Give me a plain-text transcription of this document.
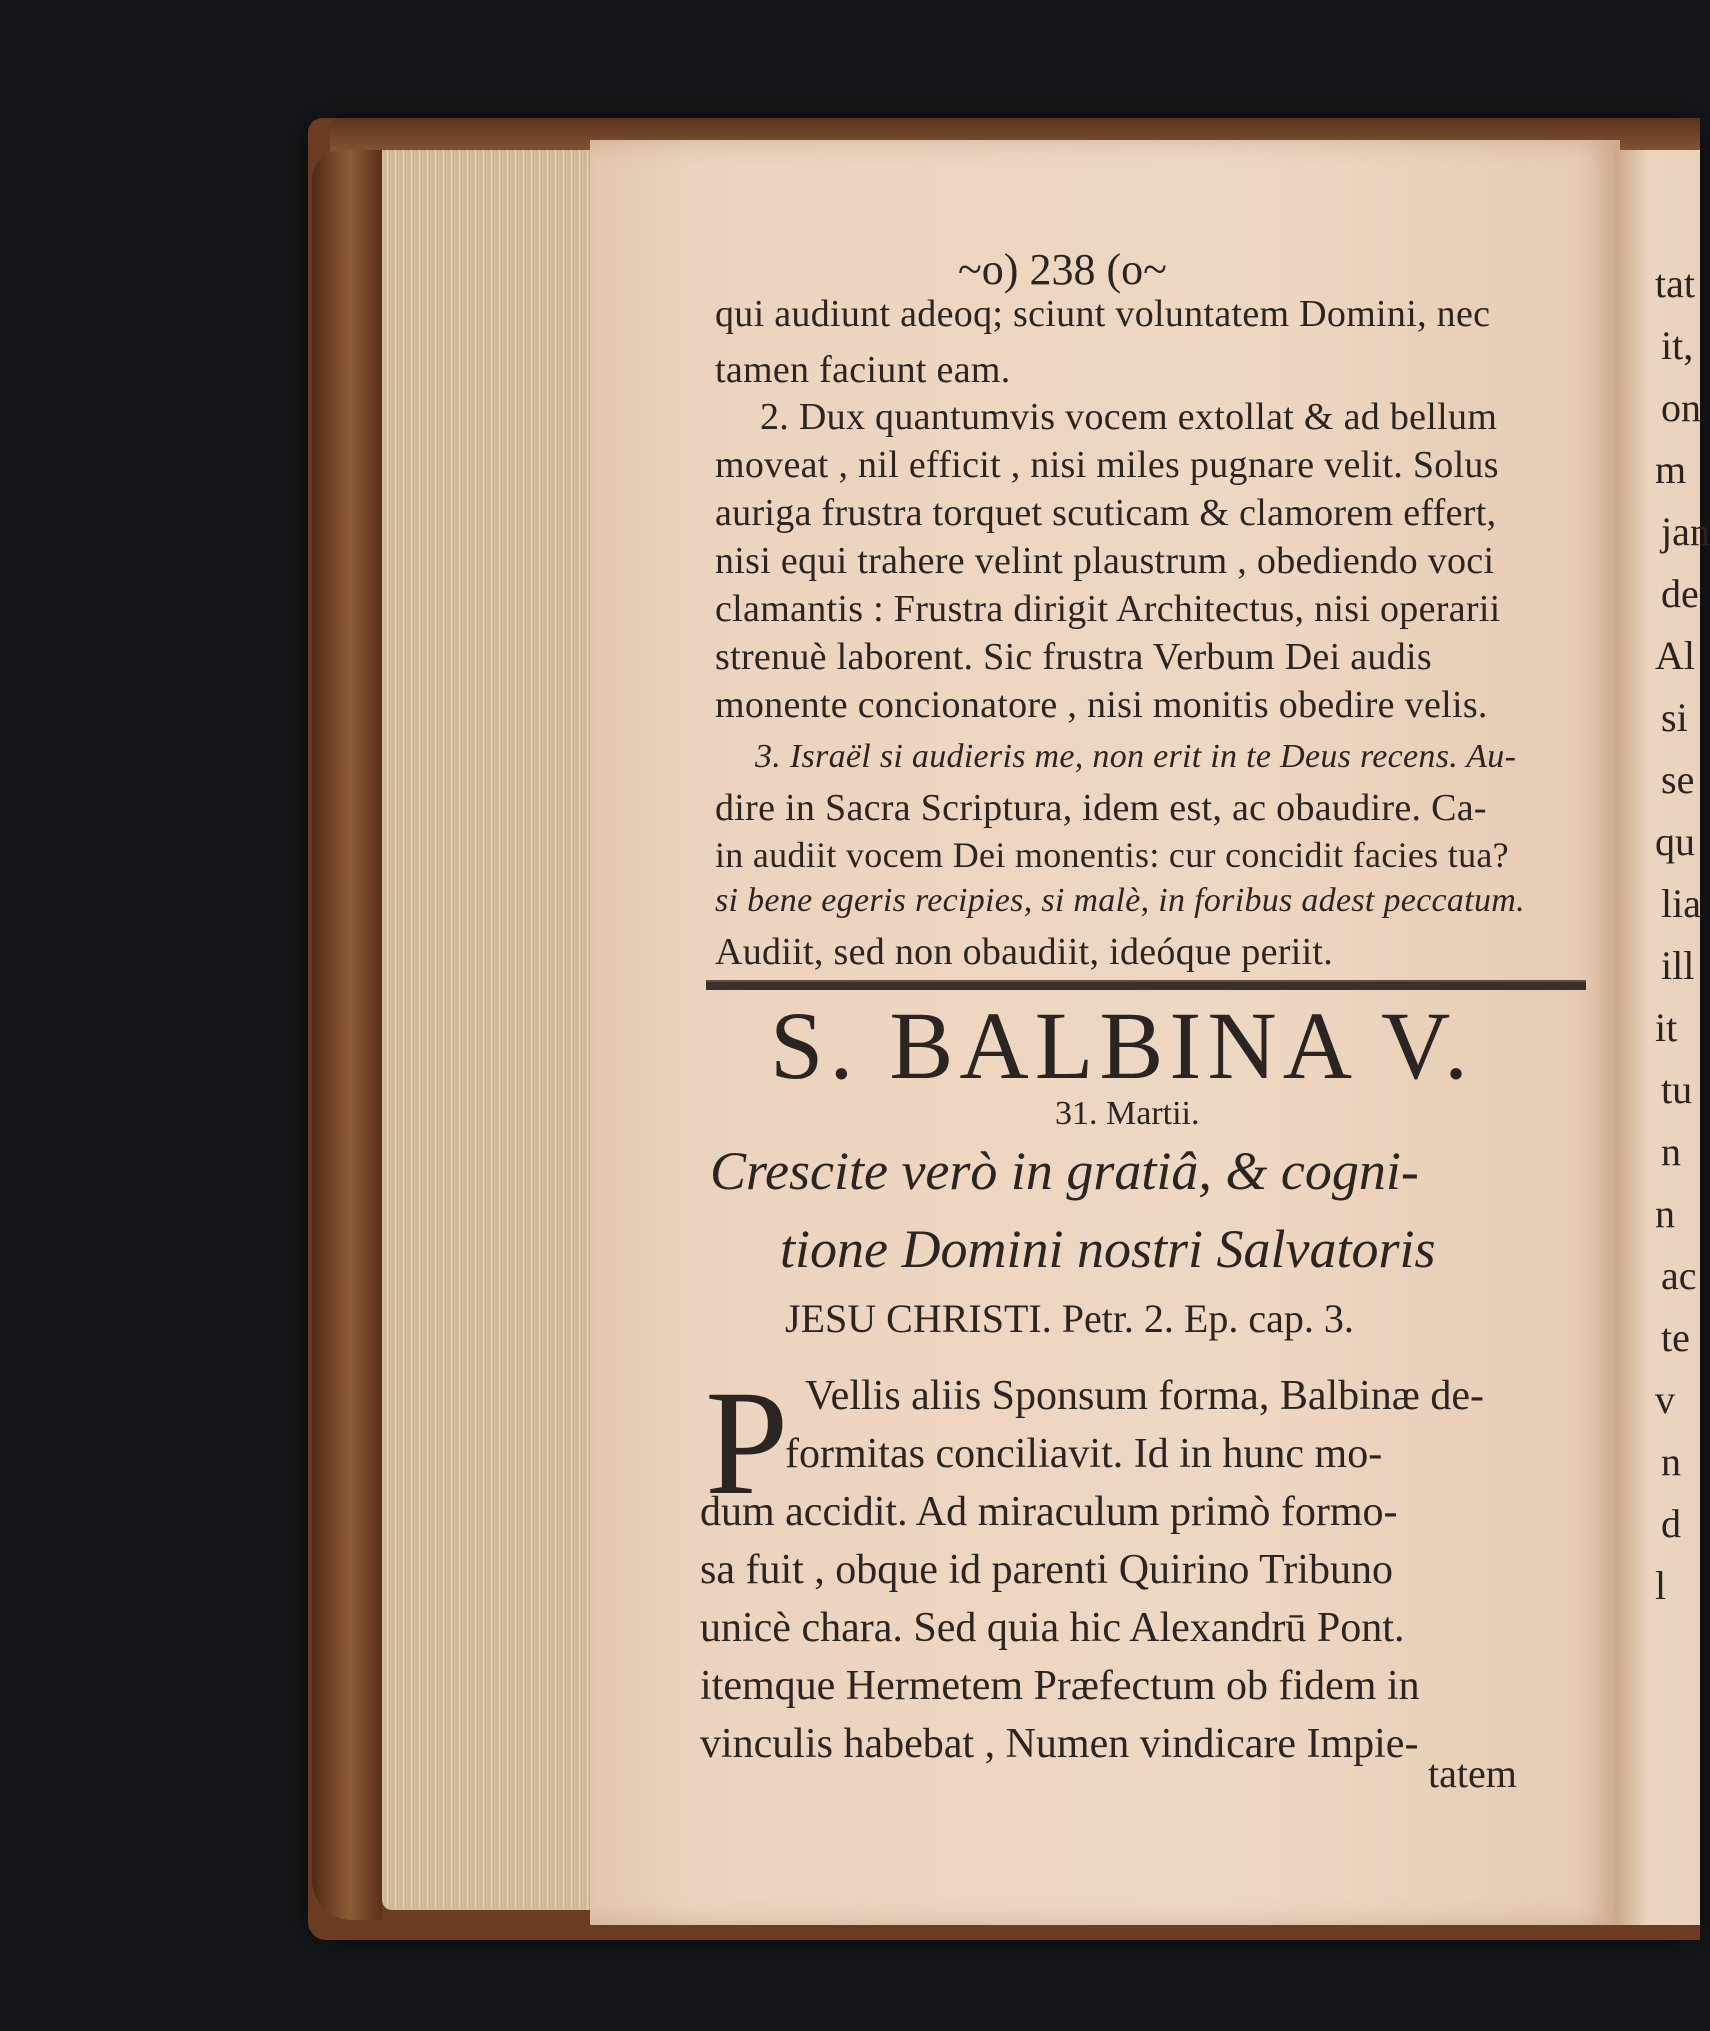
tat
it,
on
m
jan
de
Al
si
se
qu
lia
ill
it
tu
n
n
ac
te
v
n
d
l
~o) 238 (o~
qui audiunt adeoq; sciunt voluntatem Domini, nec
tamen faciunt eam.
2. Dux quantumvis vocem extollat & ad bellum
moveat , nil efficit , nisi miles pugnare velit. Solus
auriga frustra torquet scuticam & clamorem effert,
nisi equi trahere velint plaustrum , obediendo voci
clamantis : Frustra dirigit Architectus, nisi operarii
strenuè laborent. Sic frustra Verbum Dei audis
monente concionatore , nisi monitis obedire velis.
3. Israël si audieris me, non erit in te Deus recens. Au-
dire in Sacra Scriptura, idem est, ac obaudire. Ca-
in audiit vocem Dei monentis: cur concidit facies tua?
si bene egeris recipies, si malè, in foribus adest peccatum.
Audiit, sed non obaudiit, ideóque periit.
S. BALBINA V.
31. Martii.
Crescite verò in gratiâ, & cogni-
tione Domini nostri Salvatoris
JESU CHRISTI. Petr. 2. Ep. cap. 3.
P Vellis aliis Sponsum forma, Balbinæ de-
formitas conciliavit. Id in hunc mo-
dum accidit. Ad miraculum primò formo-
sa fuit , obque id parenti Quirino Tribuno
unicè chara. Sed quia hic Alexandrū Pont.
itemque Hermetem Præfectum ob fidem in
vinculis habebat , Numen vindicare Impie-
tatem
